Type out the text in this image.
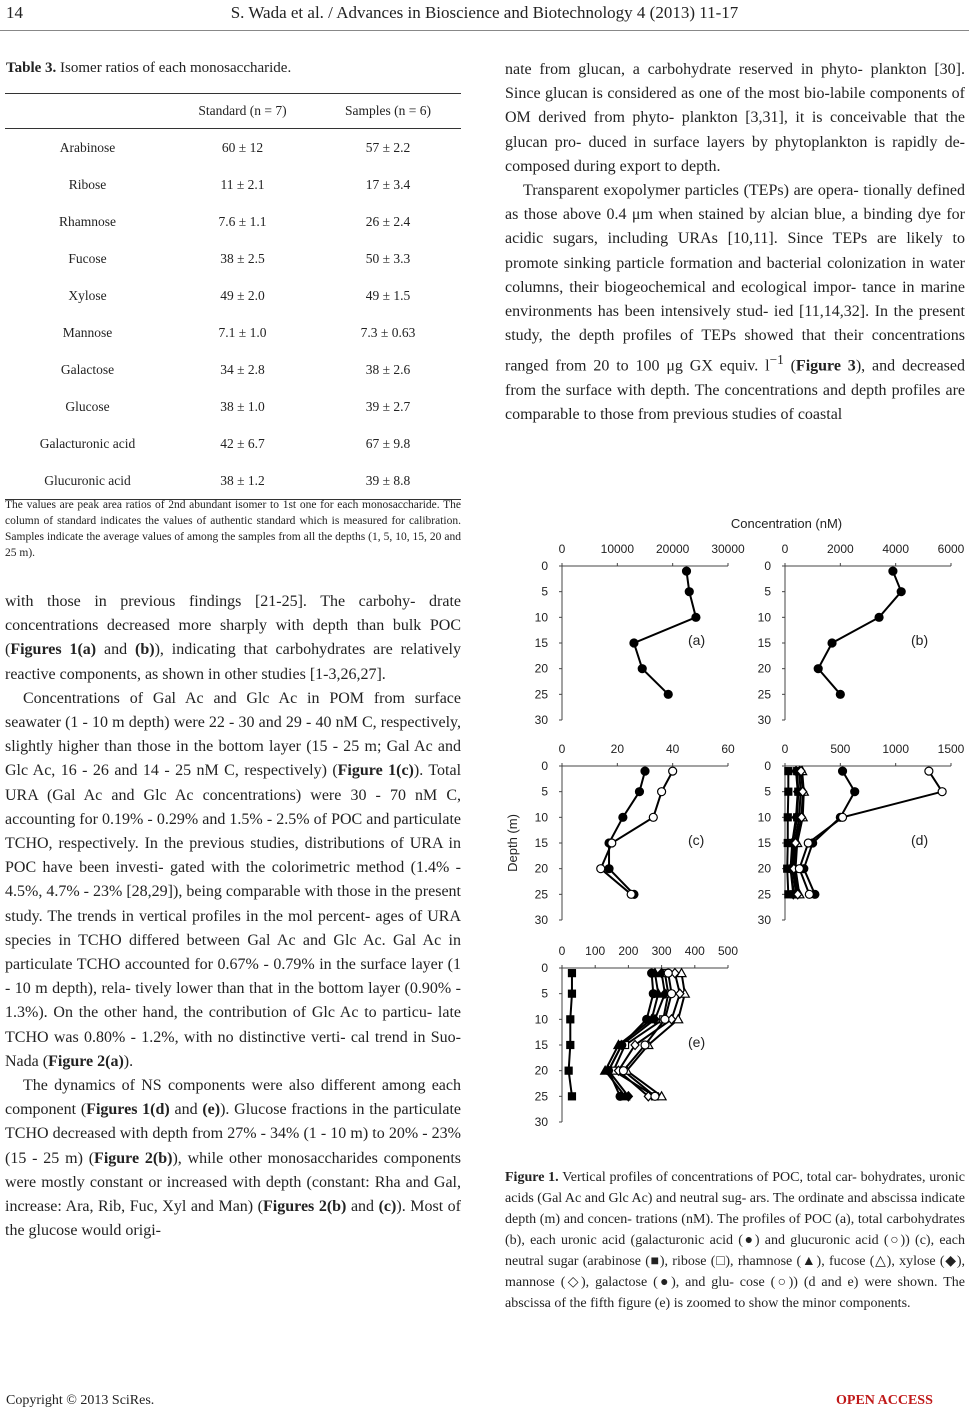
14	S. Wada et al. / Advances in Bioscience and Biotechnology 4 (2013) 11-17
Table 3. Isomer ratios of each monosaccharide.
	Standard (n = 7)	Samples (n = 6)
Arabinose	60 ± 12	57 ± 2.2
Ribose	11 ± 2.1	17 ± 3.4
Rhamnose	7.6 ± 1.1	26 ± 2.4
Fucose	38 ± 2.5	50 ± 3.3
Xylose	49 ± 2.0	49 ± 1.5
Mannose	7.1 ± 1.0	7.3 ± 0.63
Galactose	34 ± 2.8	38 ± 2.6
Glucose	38 ± 1.0	39 ± 2.7
Galacturonic acid	42 ± 6.7	67 ± 9.8
Glucuronic acid	38 ± 1.2	39 ± 8.8
The values are peak area ratios of 2nd abundant isomer to 1st one for each monosaccharide. The column of standard indicates the values of authentic standard which is measured for calibration. Samples indicate the average values of among the samples from all the depths (1, 5, 10, 15, 20 and 25 m).

with those in previous findings [21-25]. The carbohy- drate concentrations decreased more sharply with depth than bulk POC (Figures 1(a) and (b)), indicating that carbohydrates are relatively reactive components, as shown in other studies [1-3,26,27].

Concentrations of Gal Ac and Glc Ac in POM from surface seawater (1 - 10 m depth) were 22 - 30 and 29 - 40 nM C, respectively, slightly higher than those in the bottom layer (15 - 25 m; Gal Ac and Glc Ac, 16 - 26 and 14 - 25 nM C, respectively) (Figure 1(c)). Total URA (Gal Ac and Glc Ac concentrations) were 30 - 70 nM C, accounting for 0.19% - 0.29% and 1.5% - 2.5% of POC and particulate TCHO, respectively. In the previous studies, distributions of URA in POC have been investi- gated with the colorimetric method (1.4% - 4.5%, 4.7% - 23% [28,29]), being comparable with those in the present study. The trends in vertical profiles in the mol percent- ages of URA species in TCHO differed between Gal Ac and Glc Ac. Gal Ac in particulate TCHO accounted for 0.67% - 0.79% in the surface layer (1 - 10 m depth), rela- tively lower than that in the bottom layer (0.90% - 1.3%). On the other hand, the contribution of Glc Ac to particu- late TCHO was 0.80% - 1.2%, with no distinctive verti- cal trend in Suo-Nada (Figure 2(a)).

The dynamics of NS components were also different among each component (Figures 1(d) and (e)). Glucose fractions in the particulate TCHO decreased with depth from 27% - 34% (1 - 10 m) to 20% - 23% (15 - 25 m) (Figure 2(b)), while other monosaccharides components were mostly constant or increased with depth (constant: Rha and Gal, increase: Ara, Rib, Fuc, Xyl and Man) (Figures 2(b) and (c)). Most of the glucose would origi-

nate from glucan, a carbohydrate reserved in phyto- plankton [30]. Since glucan is considered as one of the most bio-labile components of OM derived from phyto- plankton [3,31], it is conceivable that the glucan pro- duced in surface layers by phytoplankton is rapidly de- composed during export to depth.

Transparent exopolymer particles (TEPs) are opera- tionally defined as those above 0.4 μm when stained by alcian blue, a binding dye for acidic sugars, including URAs [10,11]. Since TEPs are likely to promote sinking particle formation and bacterial colonization in water columns, their biogeochemical and ecological impor- tance in marine environments has been intensively stud- ied [11,14,32]. In the present study, the depth profiles of TEPs showed that their concentrations ranged from 20 to 100 μg GX equiv. $l^{-1}$ (Figure 3), and decreased from the surface with depth. The concentrations and depth profiles are comparable to those from previous studies of coastal

0	10000 20000 30000
0
5
10
15
20
25
30
(a)
Concentration (nM)
0	2000 4000 6000
0
5
10
15
20
25
30
(b)
0	20	40	60
0
5
10
15
20
25
30
(c)
Depth (m)
0	500	1000 1500
0
5
10
15
20
25
30
(d)
0 100 200 300 400 500
0
5
10
15
20
25
30
(e)
Figure 1. Vertical profiles of concentrations of POC, total car- bohydrates, uronic acids (Gal Ac and Glc Ac) and neutral sug- ars. The ordinate and abscissa indicate depth (m) and concen- trations (nM). The profiles of POC (a), total carbohydrates (b), each uronic acid (galacturonic acid (●) and glucuronic acid (○)) (c), each neutral sugar (arabinose (■), ribose (□), rhamnose (▲), fucose (△), xylose (◆), mannose (◇), galactose (●), and glu- cose (○)) (d and e) were shown. The abscissa of the fifth figure (e) is zoomed to show the minor components.
Copyright © 2013 SciRes.	OPEN ACCESS
